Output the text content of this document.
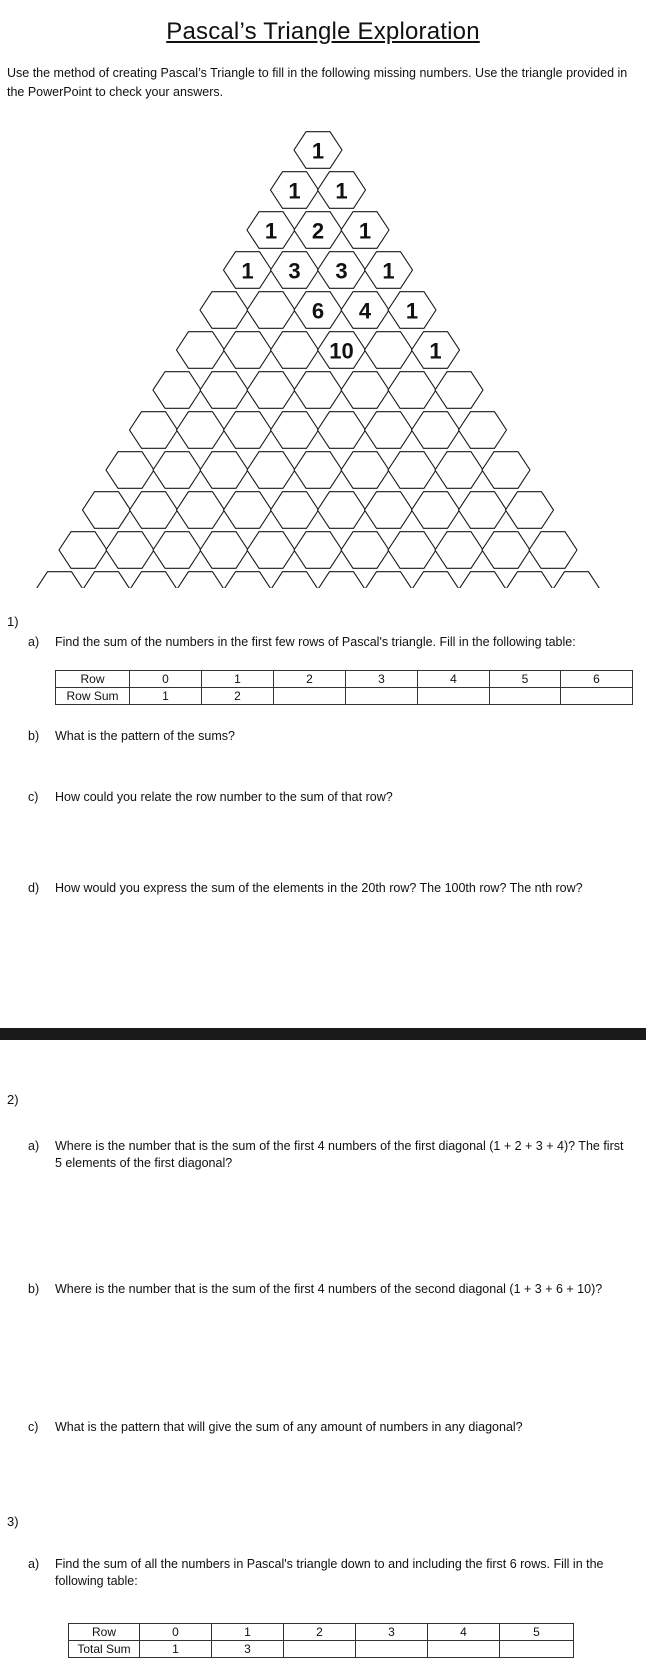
Pascal’s Triangle Exploration
Use the method of creating Pascal’s Triangle to fill in the following missing numbers. Use the triangle provided in the PowerPoint to check your answers.
1
1 1
1 2 1
1 3 3 1
6 4 1
10	1
1)
a) Find the sum of the numbers in the first few rows of Pascal's triangle. Fill in the following table:
Row	0	1	2	3	4	5	6
Row Sum	1	2					
b) What is the pattern of the sums?
c) How could you relate the row number to the sum of that row?
d) How would you express the sum of the elements in the 20th row? The 100th row? The nth row?
2)
a) Where is the number that is the sum of the first 4 numbers of the first diagonal (1 + 2 + 3 + 4)? The first 5 elements of the first diagonal?
b) Where is the number that is the sum of the first 4 numbers of the second diagonal (1 + 3 + 6 + 10)?
c) What is the pattern that will give the sum of any amount of numbers in any diagonal?
3)
a) Find the sum of all the numbers in Pascal's triangle down to and including the first 6 rows. Fill in the following table:
Row	0	1	2	3	4	5
Total Sum	1	3				
